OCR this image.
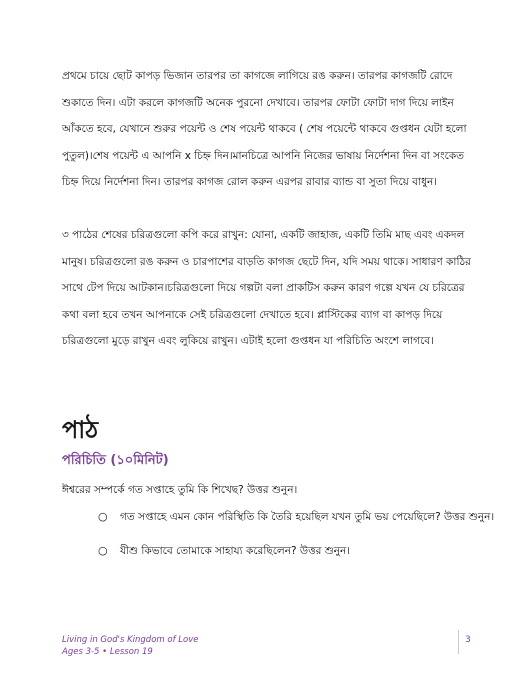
প্রথমে চায়ে ছোট কাপড় ভিজান তারপর তা কাগজে লাগিয়ে রঙ করুন। তারপর কাগজটি রোদে শুকাতে দিন। এটা করলে কাগজটি অনেক পুরনো দেখাবে। তারপর ফোটা ফোটা দাগ দিয়ে লাইন আঁকতে হবে, যেখানে শুরুর পয়েন্ট ও শেষ পয়েন্ট থাকবে ( শেষ পয়েন্টে থাকবে গুপ্তধন যেটা হলো পুতুল)।শেষ পয়েন্ট এ আপনি x চিহ্ন দিন।মানচিত্রে আপনি নিজের ভাষায় নির্দেশনা দিন বা সংকেত চিহ্ন দিয়ে নির্দেশনা দিন। তারপর কাগজ রোল করুন এরপর রাবার ব্যান্ড বা সুতা দিয়ে বাধুন।

৩ পাঠের শেষের চরিত্রগুলো কপি করে রাখুন: যোনা, একটি জাহাজ, একটি তিমি মাছ এবং একদল মানুষ। চরিত্রগুলো রঙ করুন ও চারপাশের বাড়তি কাগজ ছেটে দিন, যদি সময় থাকে। সাধারণ কাঠির সাথে টেপ দিয়ে আটকান।চরিত্রগুলো দিয়ে গল্পটা বলা প্রাকটিস করুন কারণ গল্পে যখন যে চরিত্রের কথা বলা হবে তখন আপনাকে সেই চরিত্রগুলো দেখাতে হবে। প্লাস্টিকের ব্যাগ বা কাপড় দিয়ে চরিত্রগুলো মুড়ে রাখুন এবং লুকিয়ে রাখুন। এটাই হলো গুপ্তধন যা পরিচিতি অংশে লাগবে।

পাঠ
পরিচিতি (১০মিনিট)

ঈশ্বরের সম্পর্কে গত সপ্তাহে তুমি কি শিখেছ? উত্তর শুনুন।

○	গত সপ্তাহে এমন কোন পরিস্থিতি কি তৈরি হয়েছিল যখন তুমি ভয় পেয়েছিলে? উত্তর শুনুন।
○	যীশু কিভাবে তোমাকে সাহায্য করেছিলেন? উত্তর শুনুন।
Living in God's Kingdom of Love
Ages 3-5 • Lesson 19
3
